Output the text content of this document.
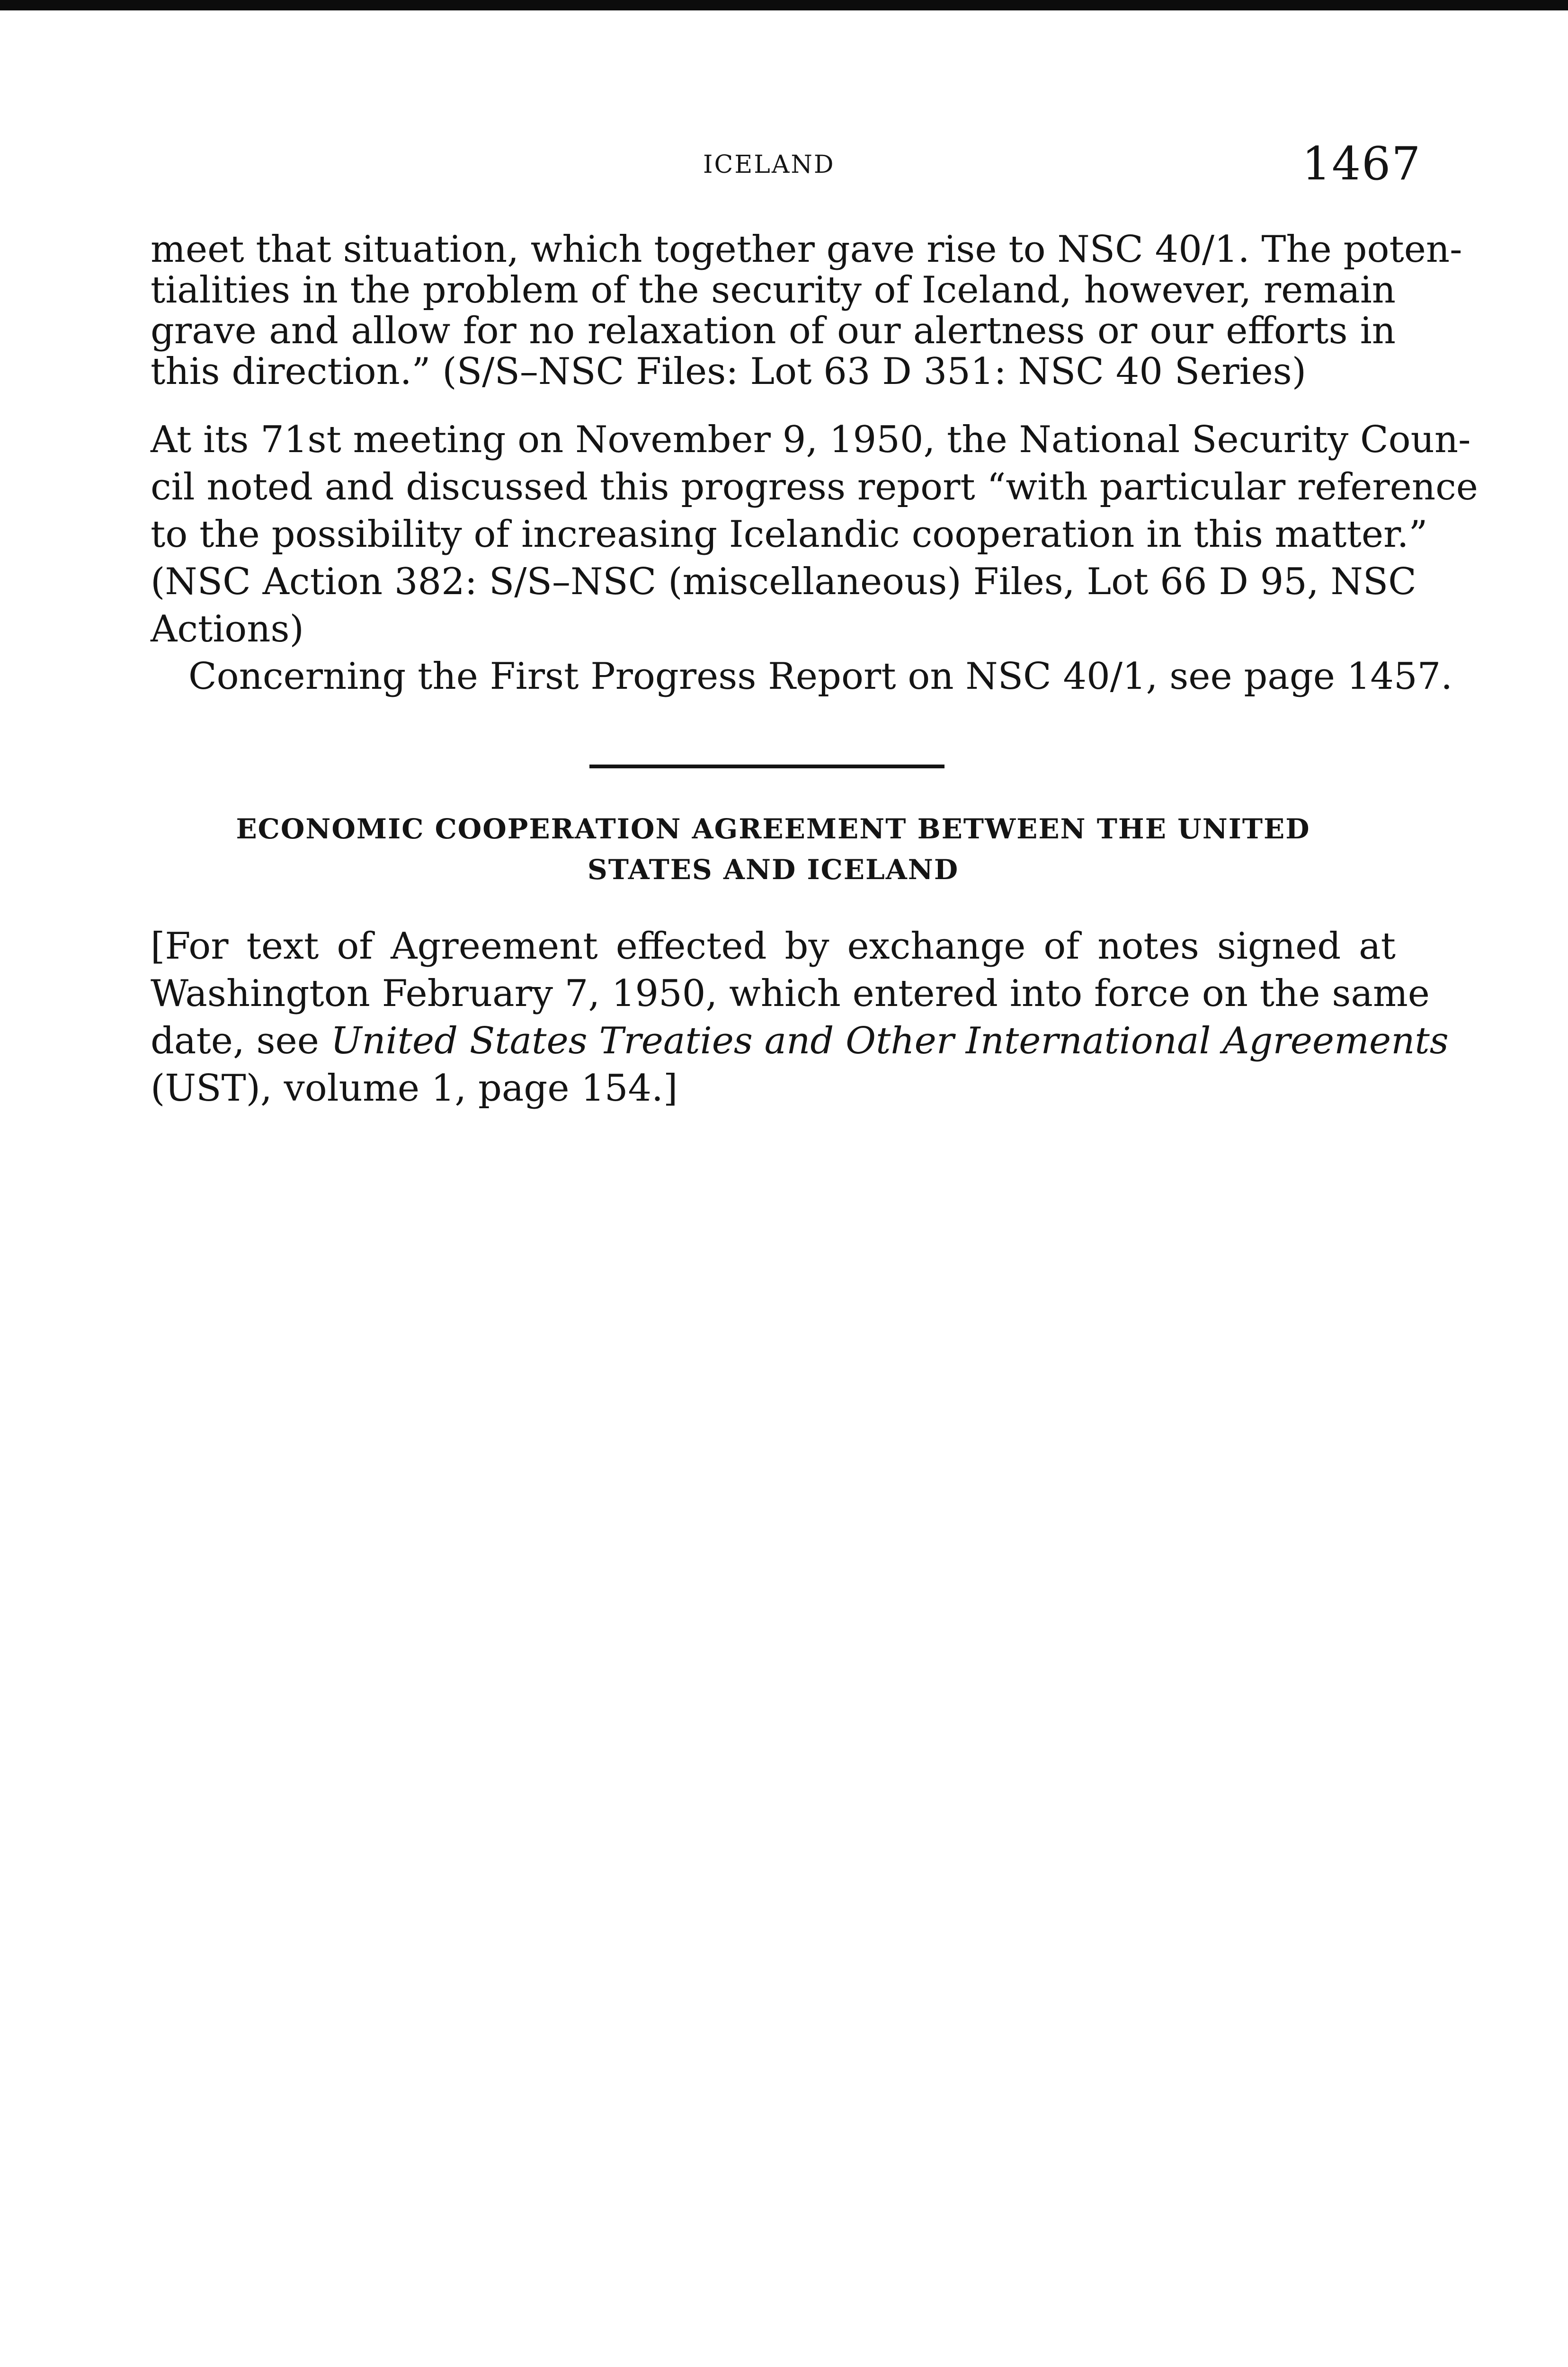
ICELAND	1467
meet that situation, which together gave rise to NSC 40/1. The poten-
tialities in the problem of the security of Iceland, however, remain
grave and allow for no relaxation of our alertness or our efforts in
this direction.” (S/S–NSC Files: Lot 63 D 351: NSC 40 Series)
At its 71st meeting on November 9, 1950, the National Security Coun-
cil noted and discussed this progress report “with particular reference
to the possibility of increasing Icelandic cooperation in this matter.”
(NSC Action 382: S/S–NSC (miscellaneous) Files, Lot 66 D 95, NSC
Actions)
Concerning the First Progress Report on NSC 40/1, see page 1457.
ECONOMIC COOPERATION AGREEMENT BETWEEN THE UNITED
STATES AND ICELAND
[For text of Agreement effected by exchange of notes signed at
Washington February 7, 1950, which entered into force on the same
date, see United States Treaties and Other International Agreements
(UST), volume 1, page 154.]
